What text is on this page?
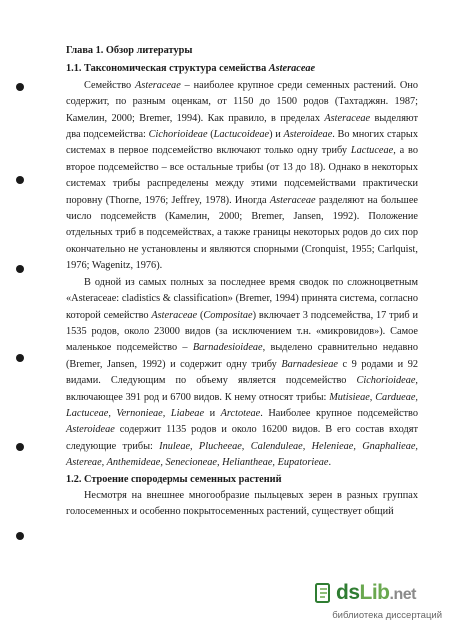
Глава 1. Обзор литературы

1.1. Таксономическая структура семейства Asteraceae

Семейство Asteraceae – наиболее крупное среди семенных растений. Оно содержит, по разным оценкам, от 1150 до 1500 родов (Тахтаджян. 1987; Камелин, 2000; Bremer, 1994). Как правило, в пределах Asteraceae выделяют два подсемейства: Cichorioideae (Lactucoideae) и Asteroideae. Во многих старых системах в первое подсемейство включают только одну трибу Lactuceae, а во второе подсемейство – все остальные трибы (от 13 до 18). Однако в некоторых системах трибы распределены между этими подсемействами практически поровну (Thorne, 1976; Jeffrey, 1978). Иногда Asteraceae разделяют на большее число подсемейств (Камелин, 2000; Bremer, Jansen, 1992). Положение отдельных триб в подсемействах, а также границы некоторых родов до сих пор окончательно не установлены и являются спорными (Cronquist, 1955; Carlquist, 1976; Wagenitz, 1976).

В одной из самых полных за последнее время сводок по сложноцветным «Asteraceae: cladistics & classification» (Bremer, 1994) принята система, согласно которой семейство Asteraceae (Compositae) включает 3 подсемейства, 17 триб и 1535 родов, около 23000 видов (за исключением т.н. «микровидов»). Самое маленькое подсемейство – Barnadesioideae, выделено сравнительно недавно (Bremer, Jansen, 1992) и содержит одну трибу Barnadesieae с 9 родами и 92 видами. Следующим по объему является подсемейство Cichorioideae, включающее 391 род и 6700 видов. К нему относят трибы: Mutisieae, Cardueae, Lactuceae, Vernonieae, Liabeae и Arctoteae. Наиболее крупное подсемейство Asteroideae содержит 1135 родов и около 16200 видов. В его состав входят следующие трибы: Inuleae, Plucheeae, Calenduleae, Helenieae, Gnaphalieae, Astereae, Anthemideae, Senecioneae, Heliantheae, Eupatorieae.

1.2. Строение спородермы семенных растений

Несмотря на внешнее многообразие пыльцевых зерен в разных группах голосеменных и особенно покрытосеменных растений, существует общий

dsLib.net
библиотека диссертаций
